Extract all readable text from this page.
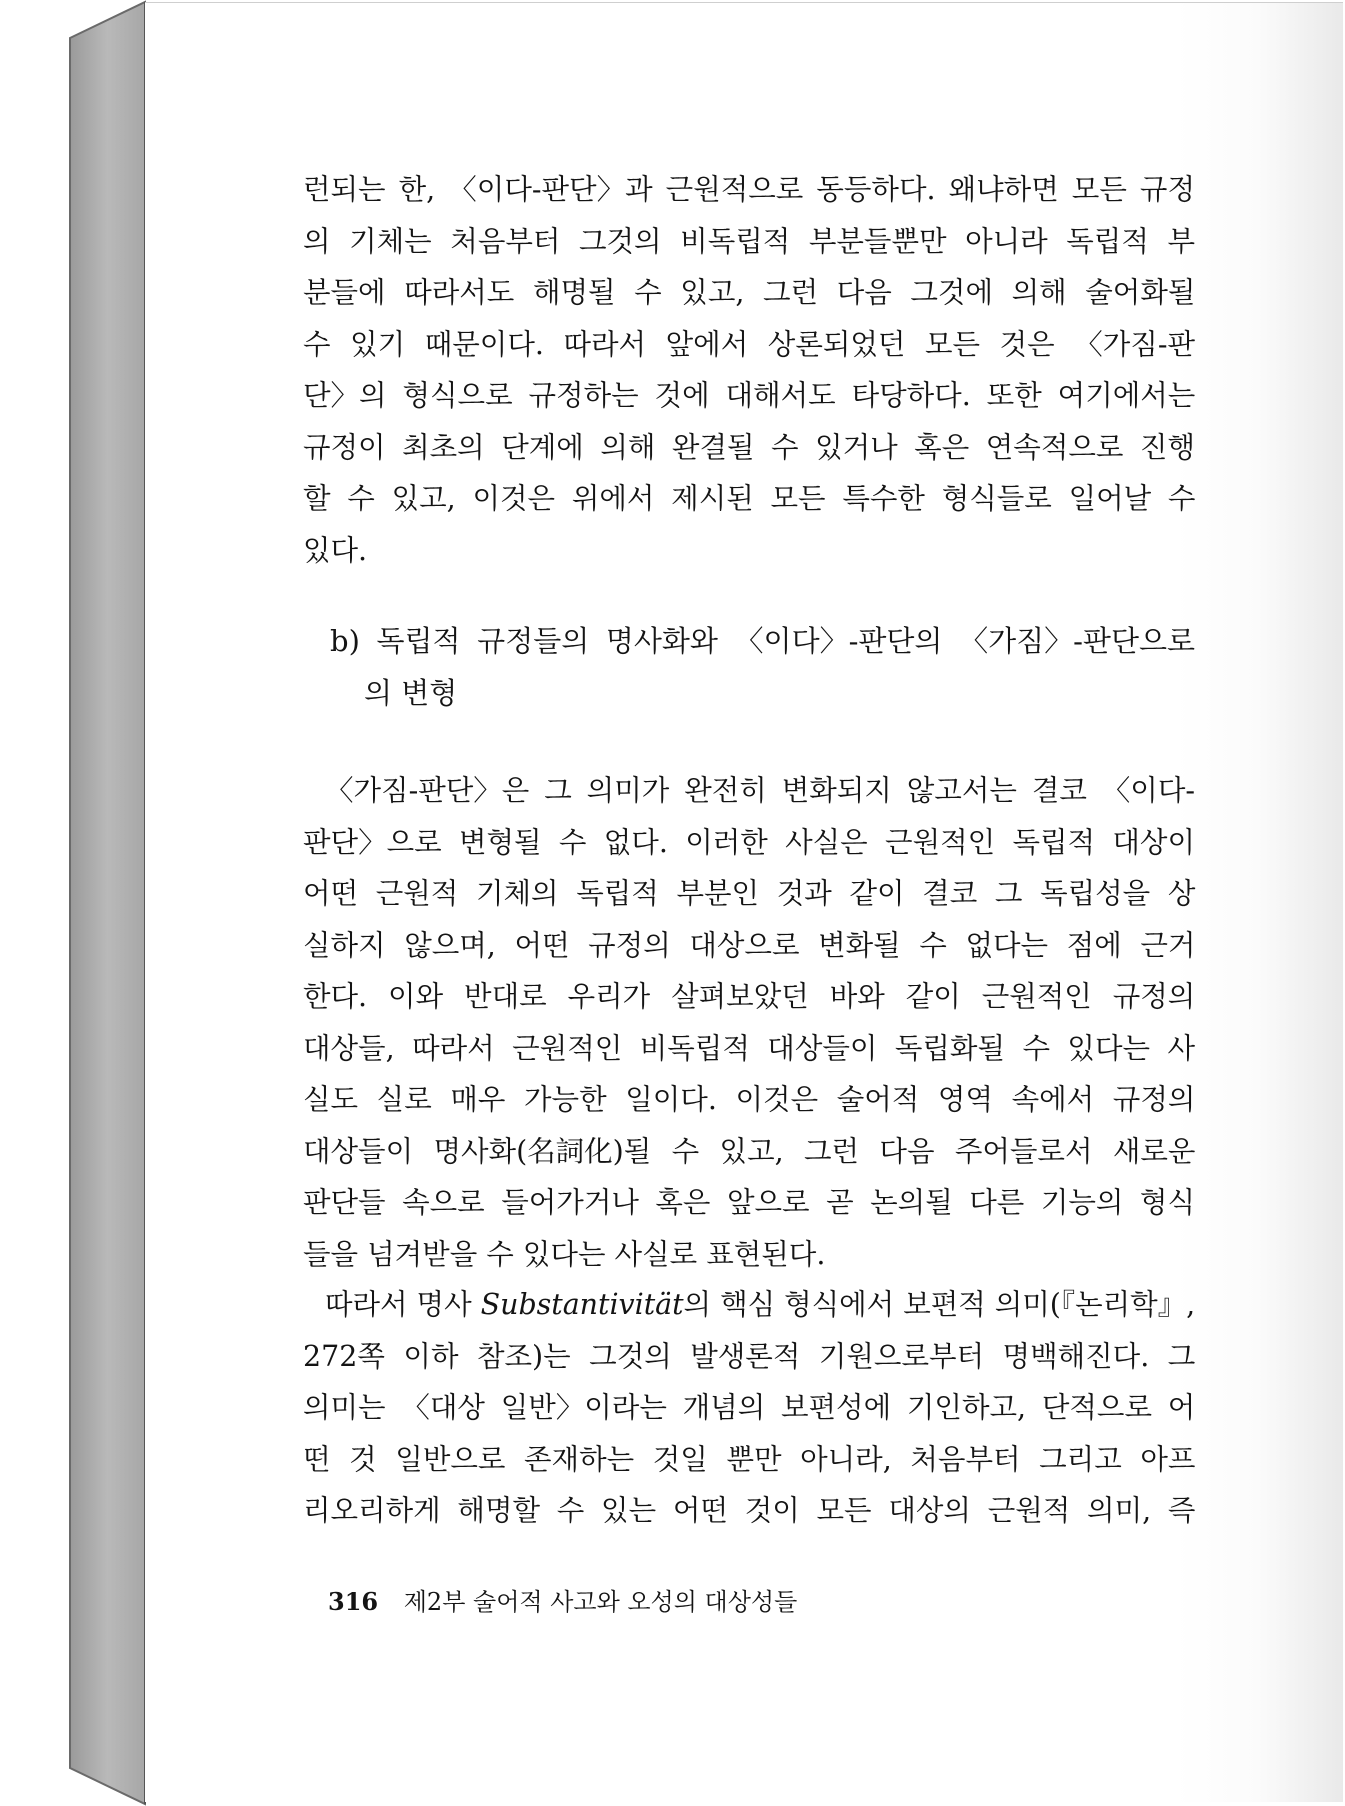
런되는 한, 〈이다-판단〉과 근원적으로 동등하다. 왜냐하면 모든 규정
의 기체는 처음부터 그것의 비독립적 부분들뿐만 아니라 독립적 부
분들에 따라서도 해명될 수 있고, 그런 다음 그것에 의해 술어화될
수 있기 때문이다. 따라서 앞에서 상론되었던 모든 것은 〈가짐-판
단〉의 형식으로 규정하는 것에 대해서도 타당하다. 또한 여기에서는
규정이 최초의 단계에 의해 완결될 수 있거나 혹은 연속적으로 진행
할 수 있고, 이것은 위에서 제시된 모든 특수한 형식들로 일어날 수
있다.
b) 독립적 규정들의 명사화와 〈이다〉-판단의 〈가짐〉-판단으로
의 변형
〈가짐-판단〉은 그 의미가 완전히 변화되지 않고서는 결코 〈이다-
판단〉으로 변형될 수 없다. 이러한 사실은 근원적인 독립적 대상이
어떤 근원적 기체의 독립적 부분인 것과 같이 결코 그 독립성을 상
실하지 않으며, 어떤 규정의 대상으로 변화될 수 없다는 점에 근거
한다. 이와 반대로 우리가 살펴보았던 바와 같이 근원적인 규정의
대상들, 따라서 근원적인 비독립적 대상들이 독립화될 수 있다는 사
실도 실로 매우 가능한 일이다. 이것은 술어적 영역 속에서 규정의
대상들이 명사화(名詞化)될 수 있고, 그런 다음 주어들로서 새로운
판단들 속으로 들어가거나 혹은 앞으로 곧 논의될 다른 기능의 형식
들을 넘겨받을 수 있다는 사실로 표현된다.
따라서 명사 Substantivität의 핵심 형식에서 보편적 의미(『논리학』,
272쪽 이하 참조)는 그것의 발생론적 기원으로부터 명백해진다. 그
의미는 〈대상 일반〉이라는 개념의 보편성에 기인하고, 단적으로 어
떤 것 일반으로 존재하는 것일 뿐만 아니라, 처음부터 그리고 아프
리오리하게 해명할 수 있는 어떤 것이 모든 대상의 근원적 의미, 즉
316 제2부 술어적 사고와 오성의 대상성들
